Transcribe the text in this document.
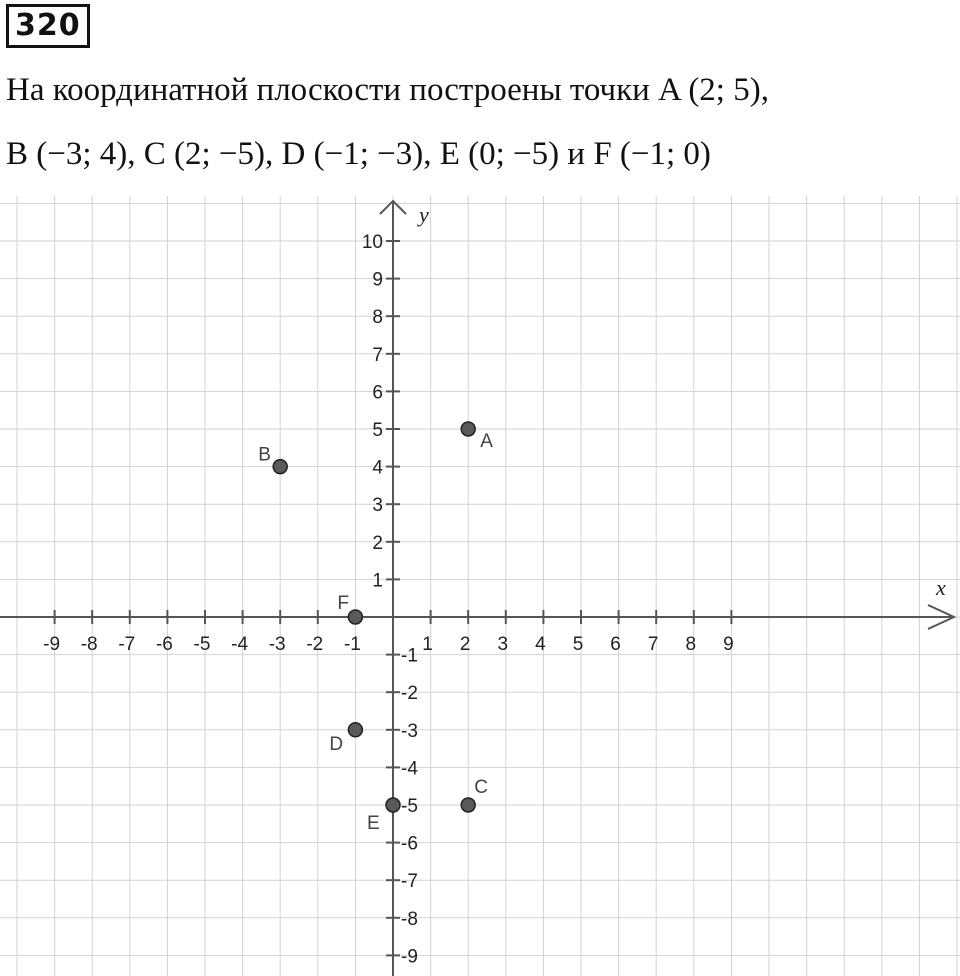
320
На координатной плоскости построены точки A (2; 5),
B (−3; 4), C (2; −5), D (−1; −3), E (0; −5) и F (−1; 0)
x
y
-9 -8 -7 -6 -5 -4 -3 -2 -1	1 2 3 4 5 6 7 8 9
-9
-8
-7
-6
-5
-4
-3
-2
-1
1
2
3
4
5
6
7
8
9
10
A
B
C
D
E
F
